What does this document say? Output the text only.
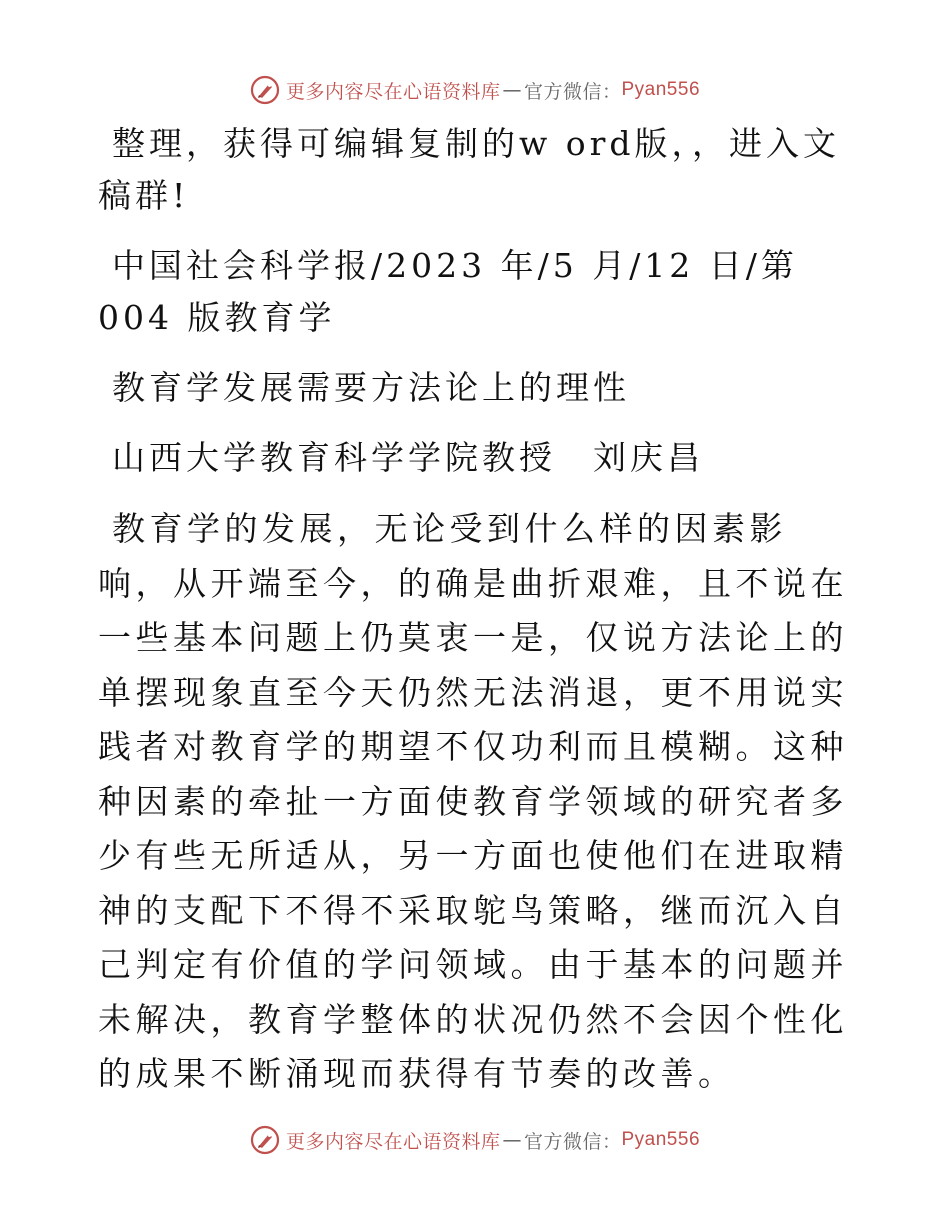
更多内容尽在心语资料库 — 官方微信： Pyan556

整理，获得可编辑复制的w ord版，，进入文稿群!

中国社会科学报/2023 年/5 月/12 日/第 004 版教育学

教育学发展需要方法论上的理性

山西大学教育科学学院教授　刘庆昌

教育学的发展，无论受到什么样的因素影响，从开端至今，的确是曲折艰难，且不说在一些基本问题上仍莫衷一是，仅说方法论上的单摆现象直至今天仍然无法消退，更不用说实践者对教育学的期望不仅功利而且模糊。这种种因素的牵扯一方面使教育学领域的研究者多少有些无所适从，另一方面也使他们在进取精神的支配下不得不采取鸵鸟策略，继而沉入自己判定有价值的学问领域。由于基本的问题并未解决，教育学整体的状况仍然不会因个性化的成果不断涌现而获得有节奏的改善。

更多内容尽在心语资料库 — 官方微信： Pyan556
